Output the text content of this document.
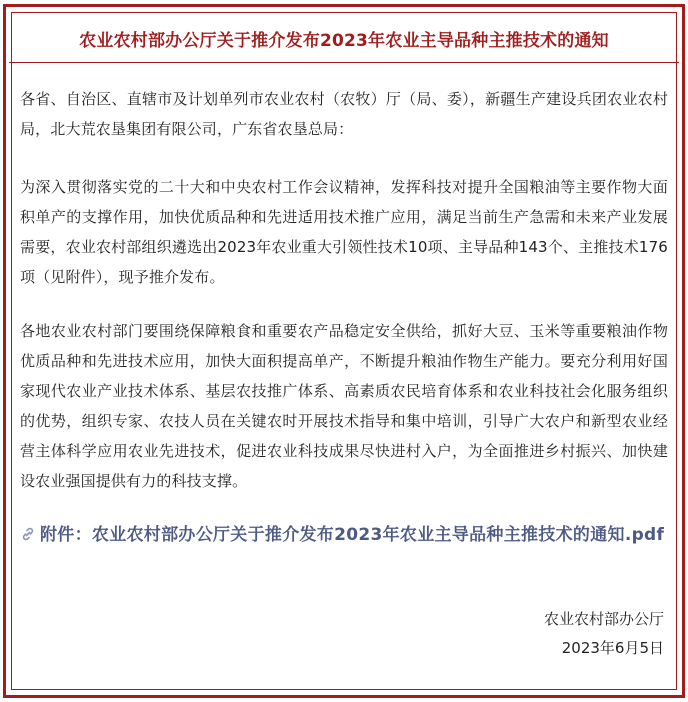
农业农村部办公厅关于推介发布2023年农业主导品种主推技术的通知

各省、自治区、直辖市及计划单列市农业农村（农牧）厅（局、委），新疆生产建设兵团农业农村局，北大荒农垦集团有限公司，广东省农垦总局：

为深入贯彻落实党的二十大和中央农村工作会议精神，发挥科技对提升全国粮油等主要作物大面积单产的支撑作用，加快优质品种和先进适用技术推广应用，满足当前生产急需和未来产业发展需要，农业农村部组织遴选出2023年农业重大引领性技术10项、主导品种143个、主推技术176项（见附件），现予推介发布。

各地农业农村部门要围绕保障粮食和重要农产品稳定安全供给，抓好大豆、玉米等重要粮油作物优质品种和先进技术应用，加快大面积提高单产，不断提升粮油作物生产能力。要充分利用好国家现代农业产业技术体系、基层农技推广体系、高素质农民培育体系和农业科技社会化服务组织的优势，组织专家、农技人员在关键农时开展技术指导和集中培训，引导广大农户和新型农业经营主体科学应用农业先进技术，促进农业科技成果尽快进村入户，为全面推进乡村振兴、加快建设农业强国提供有力的科技支撑。

附件：农业农村部办公厅关于推介发布2023年农业主导品种主推技术的通知.pdf

农业农村部办公厅
2023年6月5日
